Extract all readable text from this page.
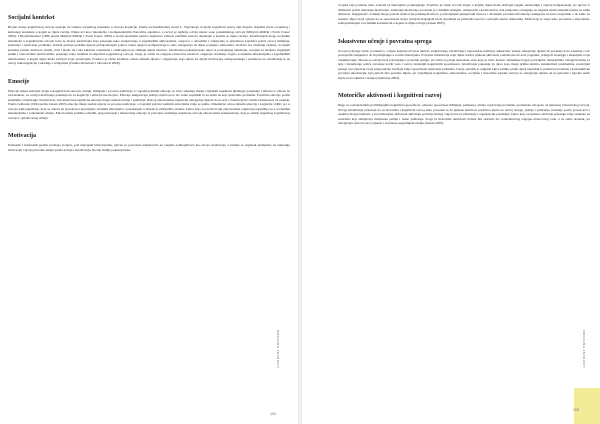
Socijalni kontekst

Brojne teorije kognitivnog razvoja upućuju na važnost socijalnog konteksta u razvoju kognicije. Prema sociokulturalnoj teoriji L. Vigotskoga ni dječji kognitivni razvoj nije moguće objasniti izvan socijalnog i kulturnog konteksta u kojem se dijete razvija. Dijete uči kroz interakciju s kompetentnijim članovima zajednice, a razvoj se najbolje odvija unutar zone proksimalnog razvoja (Miljević-Riđički i Pavin Ivanec 2009). I Bronfenbrenner (1986 prema Miljević-Riđički i Pavin Ivanec 2009) u teoriji ekoloških sustava naglašava važnost različitih sustava okruženja u kojima se dijete razvija. Istraživanjem uloge socijalnih interakcija u kognitivnom razvoju bave se brojna istraživanja koja pokazuju kako sudjelovanje u zajedničkim aktivnostima, razgovor s odraslima i vršnjacima te pripadnost zajednici potiču razvoj mišljenja, pamćenja i rješavanja problema. Odrasli pružaju podršku djetetu prilagođavajući pomoć razini njegove kompetencije te tako omogućuju da dijete postupno samostalno izvršava sve složenije zadatke. Socijalni kontekst pritom obuhvaća obitelj, vrtić i školu, ali i šire kulturne vrijednosti i očekivanja koja oblikuju dječje iskustvo. Istraživanja pokazuju kako djeca iz poticajnijeg okruženja, u kojem su izložena bogatijem jeziku i raznovrsnim aktivnostima, pokazuju bolje rezultate na mjerama kognitivnog razvoja. Stoga je važno da odgojno-obrazovne ustanove osiguraju okruženje bogato socijalnim interakcijama i zajedničkim aktivnostima, u kojem dijete može razvijati svoje potencijale. Posebno je važna kvaliteta odnosa između djeteta i odgajatelja, koja utječe na dječju motivaciju, samopouzdanje i spremnost na istraživanje te na razvoj samoregulacije i suradnje s vršnjacima (Čudina-Obradović i Obradović 2006).

Emocije

Emocije imaju značajnu ulogu u kognitivnom razvoju, učenju, mišljenju i procesu pamćenja. U zapadnoj kulturi emocije se često smatraju manje vrijednim aspektom ljudskoga ponašanja i ličnosti u odnosu na racionalnost, no novija istraživanja pokazuju da su kognicija i emocija neodvojive. Emocije usmjeravaju pažnju, utječu na to što ćemo zapamtiti te na način na koji rješavamo probleme. Pozitivne emocije potiču znatiželju, istraživanje i kreativnost, dok intenzivne negativne emocije mogu ometati učenje i pamćenje. Razvoj emocionalne regulacije omogućuje djetetu da se nosi s frustracijom i zadrži usmjerenost na zadatak. Prema LeDouxu (1994 prema Jensen 2005) emocije imaju snažan utjecaj na procese pamćenja, a događaji praćeni snažnim emocijama bolje se pamte. Dinamičan odnos između emocija i kognicije vidljiv je i u razvoju samoregulacije, koja se odnosi na sposobnost upravljanja vlastitim emocijama i ponašanjem u skladu sa zahtjevima okoline. Djeca koja su razvila bolju emocionalnu regulaciju uspješnija su u socijalnim interakcijama i u školskom učenju. Emocionalna podrška odraslih, prepoznavanje i imenovanje emocija te poticajno okruženje doprinose razvoju emocionalne kompetencije, koja je temelj uspješnog kognitivnog razvoja i cjeloživotnog učenja.

Motivacija

Pedesetih i šezdesetih godina prošloga stoljeća, pod utjecajem biheviorizma, glavna se pozornost usmjeravala na vanjske potkrepljivače kao izvore motivacije, a kasnije se naglasak premjestio na unutarnju motivaciju i dječju prirodnu težnju prema učenju i istraživanju. Novije studije pokazuju kako

ODGOJNE ZNANOSTI
102

čovjeka nije potrebno usko vezivati za materijalno potkrepljenje. Posebice je važno stvoriti uvjete u kojima dijete može doživjeti uspjeh, autonomiju i osjećaj kompetencije, jer upravo ti čimbenici potiču unutarnju motivaciju. Unutarnja motivacija povezana je s dubljim učenjem, ustrajnošću i kreativnošću, dok pretjerano oslanjanje na nagrade može umanjiti interes za samu aktivnost. Odgajatelji i roditelji mogu poticati motivaciju pružanjem izbora, postavljanjem primjerenih izazova i davanjem povratne informacije usmjerene na trud i napredak, a ne samo na rezultat. Djeca koja vjeruju da se sposobnosti mogu razvijati ulaganjem truda spremnija su prihvatiti izazove i ustrajati unatoč teškoćama. Motivacija je stoga usko povezana s emocijama, samopoimanjem i socijalnim kontekstom u kojem se dijete razvija (Jensen 2005).

Iskustveno učenje i povratna sprega

Za razvoj mozga važno je iskustvo, a dijete najbolje uči kroz aktivno sudjelovanje, istraživanje i neposredan doživljaj. Iskustveno učenje omogućuje djetetu da povezuje nova saznanja s već postojećim znanjem te da ih primjenjuje u novim situacijama. Povratna informacija koju dijete dobiva tijekom aktivnosti pomaže mu da uoči pogreške, prilagodi strategije i unaprijedi svoje razumijevanje. Mozak se razvija kroz ponavljanje i povratnu spregu, pri čemu se jačaju neuronske veze koje se često koriste. Okruženje bogato poticajima, materijalima i mogućnostima za igru i istraživanje potiče stvaranje novih veza i razvoj složenijih kognitivnih sposobnosti. Istraživanja pokazuju da djeca koja imaju priliku aktivno manipulirati predmetima, postavljati pitanja i provjeravati svoje pretpostavke razvijaju bolje sposobnosti rješavanja problema. Uloga odraslih je osigurati takve prilike, pratiti dječji napredak te pružati pravodobnu i konstruktivnu povratnu informaciju. Igra pritom ima posebno mjesto jer objedinjuje kognitivne, emocionalne, socijalne i motoričke aspekte razvoja te omogućuje djetetu da na prirodan i ugodan način stječe nova iskustva i znanja (Anderson 2004).

Motoričke aktivnosti i kognitivni razvoj

Dugo se u znanstvenim promišljanjima kognitivna sposobnost, odnosno sposobnost mišljenja, pamćenja, učenja i rješavanja problema, promatrala odvojeno od tjelesnog i motoričkog razvoja. Novija istraživanja pokazuju da su motorički i kognitivni razvoj usko povezani te da tjelesna aktivnost pozitivno utječe na razvoj mozga, pažnju i pamćenje. Kretanje potiče protok krvi i opskrbu mozga kisikom, a koordinacijske aktivnosti aktiviraju područja mozga odgovorna za planiranje i organizaciju ponašanja. Djeca koja su tjelesno aktivnija pokazuju bolje rezultate na zadacima koji zahtijevaju usmjerenu pažnju i radno pamćenje. Stoga bi motoričke aktivnosti trebale biti sastavni dio svakodnevnog odgojno-obrazovnog rada, a ne samo dodatak, jer omogućuju cjelovit razvoj djeteta i doprinose uspješnijem učenju (Jensen 2005).

ODGOJNE ZNANOSTI
103
